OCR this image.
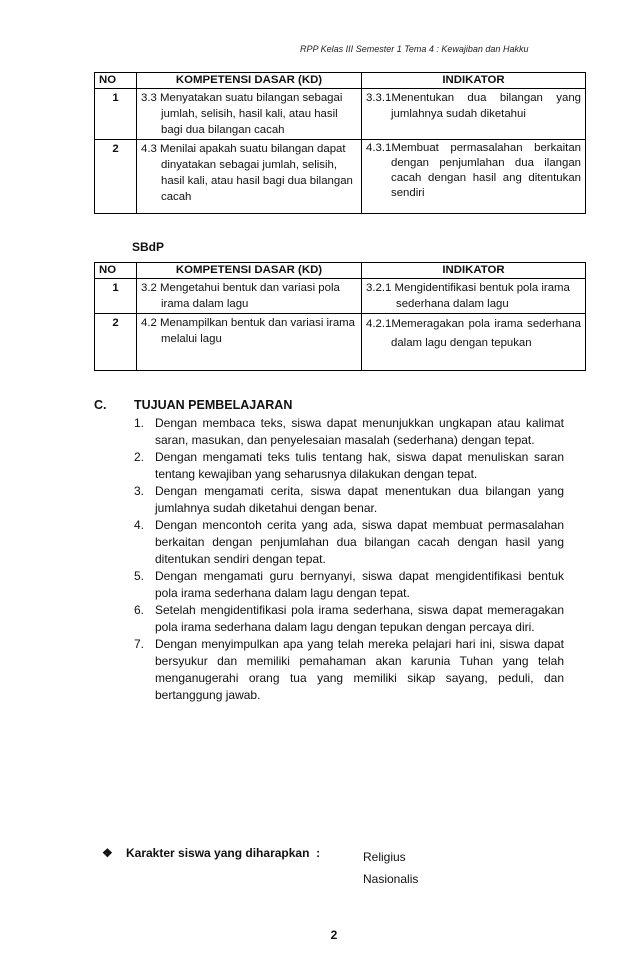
RPP Kelas III Semester 1 Tema 4 : Kewajiban dan Hakku
NO	KOMPETENSI DASAR (KD)	INDIKATOR
1	3.3 Menyatakan suatu bilangan sebagai jumlah, selisih, hasil kali, atau hasil bagi dua bilangan cacah	3.3.1Menentukan dua bilangan yang jumlahnya sudah diketahui

2	4.3 Menilai apakah suatu bilangan dapat dinyatakan sebagai jumlah, selisih, hasil kali, atau hasil bagi dua bilangan cacah	4.3.1Membuat permasalahan berkaitan dengan penjumlahan dua ilangan cacah dengan hasil ang ditentukan sendiri
SBdP
NO	KOMPETENSI DASAR (KD)	INDIKATOR
1	3.2 Mengetahui bentuk dan variasi pola irama dalam lagu	3.2.1 Mengidentifikasi bentuk pola irama sederhana dalam lagu

2	4.2 Menampilkan bentuk dan variasi irama melalui lagu	4.2.1Memeragakan pola irama sederhana dalam lagu dengan tepukan
C. TUJUAN PEMBELAJARAN
1. Dengan membaca teks, siswa dapat menunjukkan ungkapan atau kalimat saran, masukan, dan penyelesaian masalah (sederhana) dengan tepat.
2. Dengan mengamati teks tulis tentang hak, siswa dapat menuliskan saran tentang kewajiban yang seharusnya dilakukan dengan tepat.
3. Dengan mengamati cerita, siswa dapat menentukan dua bilangan yang jumlahnya sudah diketahui dengan benar.
4. Dengan mencontoh cerita yang ada, siswa dapat membuat permasalahan berkaitan dengan penjumlahan dua bilangan cacah dengan hasil yang ditentukan sendiri dengan tepat.
5. Dengan mengamati guru bernyanyi, siswa dapat mengidentifikasi bentuk pola irama sederhana dalam lagu dengan tepat.
6. Setelah mengidentifikasi pola irama sederhana, siswa dapat memeragakan pola irama sederhana dalam lagu dengan tepukan dengan percaya diri.
7. Dengan menyimpulkan apa yang telah mereka pelajari hari ini, siswa dapat bersyukur dan memiliki pemahaman akan karunia Tuhan yang telah menganugerahi orang tua yang memiliki sikap sayang, peduli, dan bertanggung jawab.
❖ Karakter siswa yang diharapkan :	Religius
Nasionalis
2
